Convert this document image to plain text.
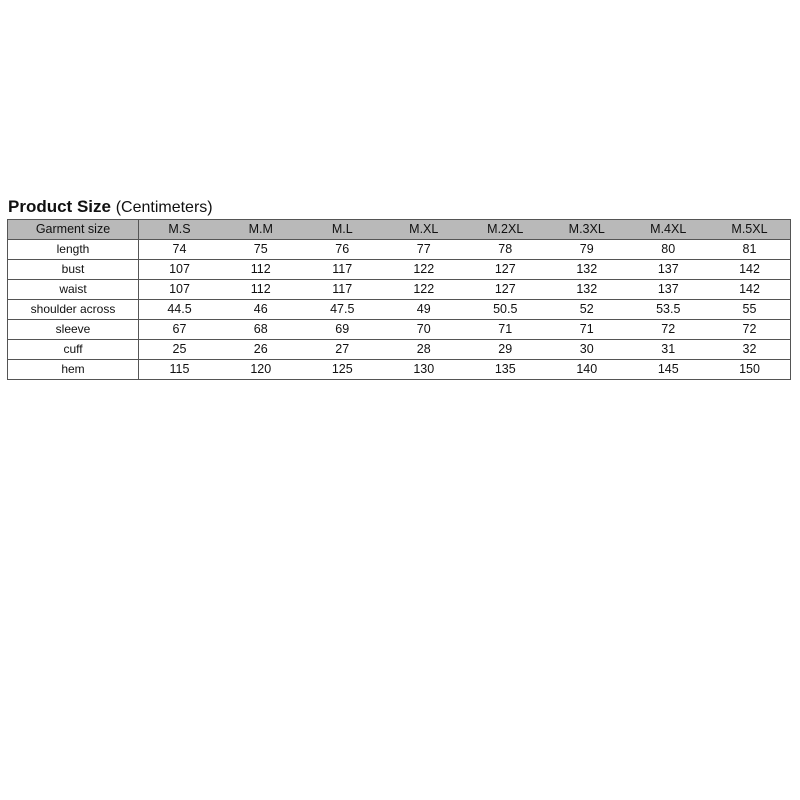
Product Size (Centimeters)
Garment size	M.S	M.M	M.L	M.XL	M.2XL	M.3XL	M.4XL	M.5XL
length	74	75	76	77	78	79	80	81
bust	107	112	117	122	127	132	137	142
waist	107	112	117	122	127	132	137	142
shoulder across	44.5	46	47.5	49	50.5	52	53.5	55
sleeve	67	68	69	70	71	71	72	72
cuff	25	26	27	28	29	30	31	32
hem	115	120	125	130	135	140	145	150
